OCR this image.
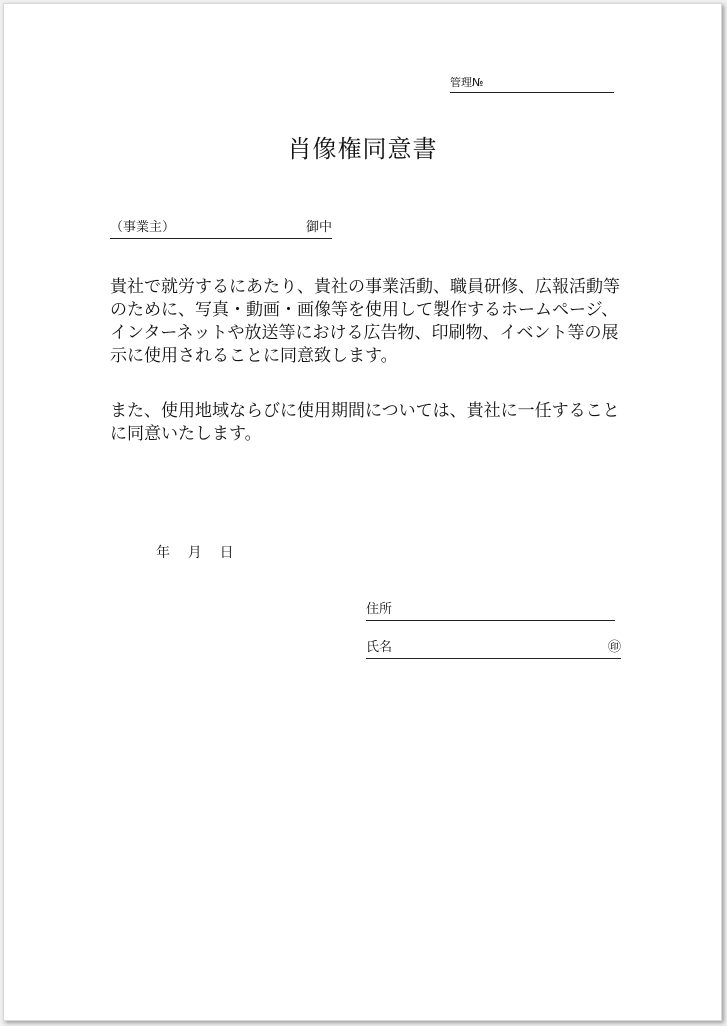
管理№
肖像権同意書
（事業主）	御中

貴社で就労するにあたり、貴社の事業活動、職員研修、広報活動等のために、写真・動画・画像等を使用して製作するホームページ、インターネットや放送等における広告物、印刷物、イベント等の展示に使用されることに同意致します。

また、使用地域ならびに使用期間については、貴社に一任することに同意いたします。

年    月    日
住所
氏名	㊞
